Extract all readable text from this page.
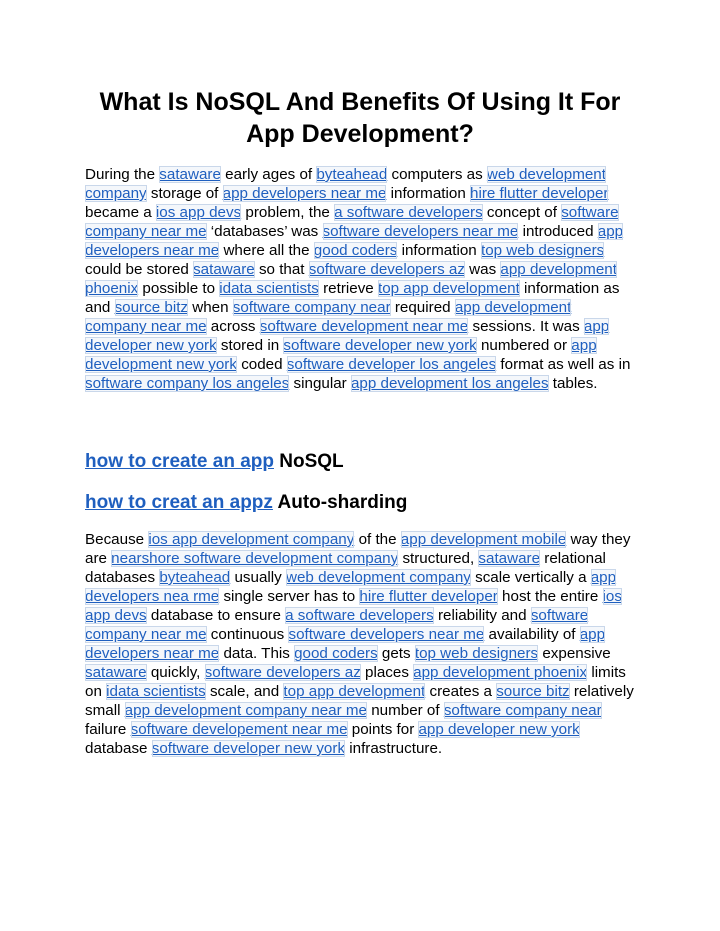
What Is NoSQL And Benefits Of Using It For App Development?

During the sataware early ages of byteahead computers as web development company storage of app developers near me information hire flutter developer became a ios app devs problem, the a software developers concept of software company near me ‘databases’ was software developers near me introduced app developers near me where all the good coders information top web designers could be stored sataware so that software developers az was app development phoenix possible to idata scientists retrieve top app development information as and source bitz when software company near required app development company near me across software development near me sessions. It was app developer new york stored in software developer new york numbered or app development new york coded software developer los angeles format as well as in software company los angeles singular app development los angeles tables.

how to create an app NoSQL

how to creat an appz Auto-sharding

Because ios app development company of the app development mobile way they are nearshore software development company structured, sataware relational databases byteahead usually web development company scale vertically a app developers nea rme single server has to hire flutter developer host the entire ios app devs database to ensure a software developers reliability and software company near me continuous software developers near me availability of app developers near me data. This good coders gets top web designers expensive sataware quickly, software developers az places app development phoenix limits on idata scientists scale, and top app development creates a source bitz relatively small app development company near me number of software company near failure software developement near me points for app developer new york database software developer new york infrastructure.
